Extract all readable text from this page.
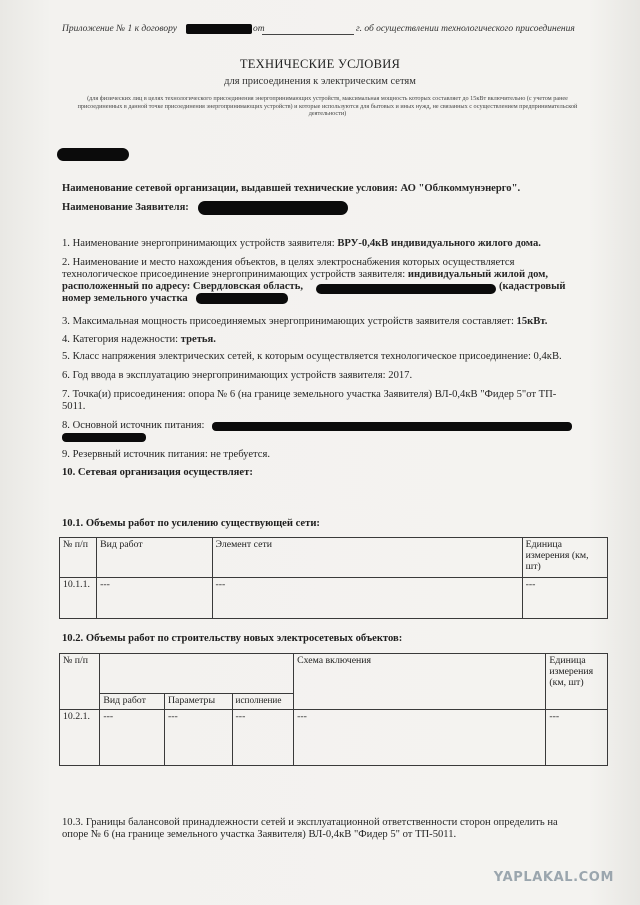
Приложение № 1 к договору	от	г. об осуществлении технологического присоединения
ТЕХНИЧЕСКИЕ УСЛОВИЯ
для присоединения к электрическим сетям
(для физических лиц в целях технологического присоединения энергопринимающих устройств, максимальная мощность которых составляет до 15кВт включительно (с учетом ранее присоединенных в данной точке присоединения энергопринимающих устройств) и которые используются для бытовых и иных нужд, не связанных с осуществлением предпринимательской деятельности)
Наименование сетевой организации, выдавшей технические условия: АО "Облкоммунэнерго".
Наименование Заявителя:
1. Наименование энергопринимающих устройств заявителя: ВРУ-0,4кВ индивидуального жилого дома.
2. Наименование и место нахождения объектов, в целях электроснабжения которых осуществляется
технологическое присоединение энергопринимающих устройств заявителя: индивидуальный жилой дом,
расположенный по адресу: Свердловская область,	(кадастровый
номер земельного участка
3. Максимальная мощность присоединяемых энергопринимающих устройств заявителя составляет: 15кВт.
4. Категория надежности: третья.
5. Класс напряжения электрических сетей, к которым осуществляется технологическое присоединение: 0,4кВ.
6. Год ввода в эксплуатацию энергопринимающих устройств заявителя: 2017.
7. Точка(и) присоединения: опора № 6 (на границе земельного участка Заявителя) ВЛ-0,4кВ "Фидер 5"от ТП-
5011.
8. Основной источник питания:
9. Резервный источник питания: не требуется.
10. Сетевая организация осуществляет:
10.1. Объемы работ по усилению существующей сети:
№ п/п	Вид работ	Элемент сети	Единица измерения (км, шт)
10.1.1.	---	---	---
10.2. Объемы работ по строительству новых электросетевых объектов:
№ п/п				Схема включения	Единица измерения (км, шт)
	Вид работ	Параметры	исполнение		
10.2.1.	---	---	---	---	---
10.3. Границы балансовой принадлежности сетей и эксплуатационной ответственности сторон определить на
опоре № 6 (на границе земельного участка Заявителя) ВЛ-0,4кВ "Фидер 5" от ТП-5011.
YAPLAKAL.COM
